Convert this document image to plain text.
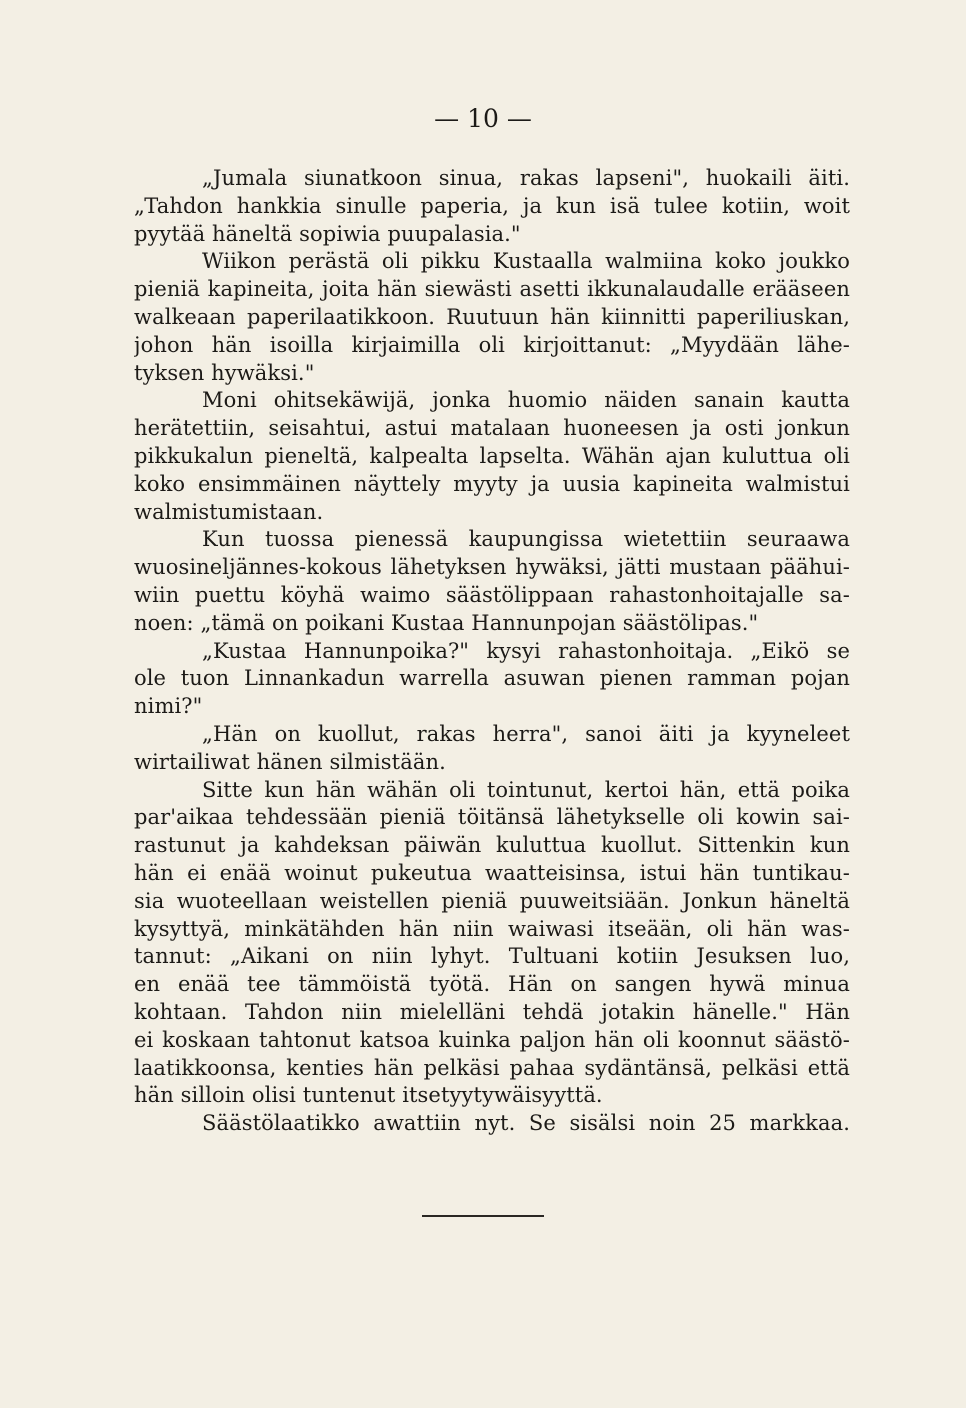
— 10 —
„Jumala siunatkoon sinua, rakas lapseni", huokaili äiti.
„Tahdon hankkia sinulle paperia, ja kun isä tulee kotiin, woit
pyytää häneltä sopiwia puupalasia."
Wiikon perästä oli pikku Kustaalla walmiina koko joukko
pieniä kapineita, joita hän siewästi asetti ikkunalaudalle erääseen
walkeaan paperilaatikkoon. Ruutuun hän kiinnitti paperiliuskan,
johon hän isoilla kirjaimilla oli kirjoittanut: „Myydään lähe-
tyksen hywäksi."
Moni ohitsekäwijä, jonka huomio näiden sanain kautta
herätettiin, seisahtui, astui matalaan huoneesen ja osti jonkun
pikkukalun pieneltä, kalpealta lapselta. Wähän ajan kuluttua oli
koko ensimmäinen näyttely myyty ja uusia kapineita walmistui
walmistumistaan.
Kun tuossa pienessä kaupungissa wietettiin seuraawa
wuosineljännes-kokous lähetyksen hywäksi, jätti mustaan päähui-
wiin puettu köyhä waimo säästölippaan rahastonhoitajalle sa-
noen: „tämä on poikani Kustaa Hannunpojan säästölipas."
„Kustaa Hannunpoika?" kysyi rahastonhoitaja. „Eikö se
ole tuon Linnankadun warrella asuwan pienen ramman pojan
nimi?"
„Hän on kuollut, rakas herra", sanoi äiti ja kyyneleet
wirtailiwat hänen silmistään.
Sitte kun hän wähän oli tointunut, kertoi hän, että poika
par'aikaa tehdessään pieniä töitänsä lähetykselle oli kowin sai-
rastunut ja kahdeksan päiwän kuluttua kuollut. Sittenkin kun
hän ei enää woinut pukeutua waatteisinsa, istui hän tuntikau-
sia wuoteellaan weistellen pieniä puuweitsiään. Jonkun häneltä
kysyttyä, minkätähden hän niin waiwasi itseään, oli hän was-
tannut: „Aikani on niin lyhyt. Tultuani kotiin Jesuksen luo,
en enää tee tämmöistä työtä. Hän on sangen hywä minua
kohtaan. Tahdon niin mielelläni tehdä jotakin hänelle." Hän
ei koskaan tahtonut katsoa kuinka paljon hän oli koonnut säästö-
laatikkoonsa, kenties hän pelkäsi pahaa sydäntänsä, pelkäsi että
hän silloin olisi tuntenut itsetyytywäisyyttä.
Säästölaatikko awattiin nyt. Se sisälsi noin 25 markkaa.
